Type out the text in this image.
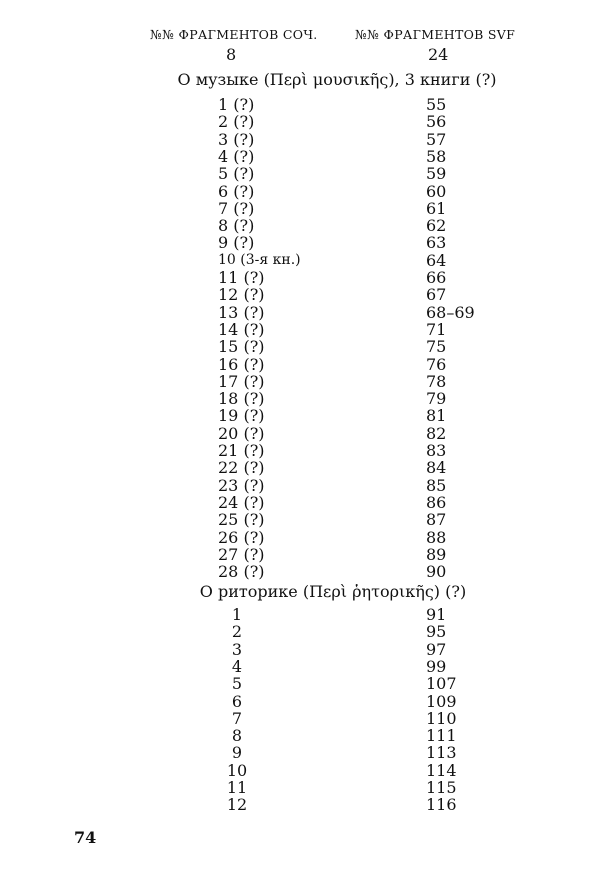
№№ ФРАГМЕНТОВ СОЧ.	№№ ФРАГМЕНТОВ SVF
8	24
О музыке (Περὶ μουσικῆς), 3 книги (?)
1 (?)	55
2 (?)	56
3 (?)	57
4 (?)	58
5 (?)	59
6 (?)	60
7 (?)	61
8 (?)	62
9 (?)	63
10 (3-я кн.)	64
11 (?)	66
12 (?)	67
13 (?)	68–69
14 (?)	71
15 (?)	75
16 (?)	76
17 (?)	78
18 (?)	79
19 (?)	81
20 (?)	82
21 (?)	83
22 (?)	84
23 (?)	85
24 (?)	86
25 (?)	87
26 (?)	88
27 (?)	89
28 (?)	90
О риторике (Περὶ ῥητορικῆς) (?)
1	91
2	95
3	97
4	99
5	107
6	109
7	110
8	111
9	113
10	114
11	115
12	116
74
